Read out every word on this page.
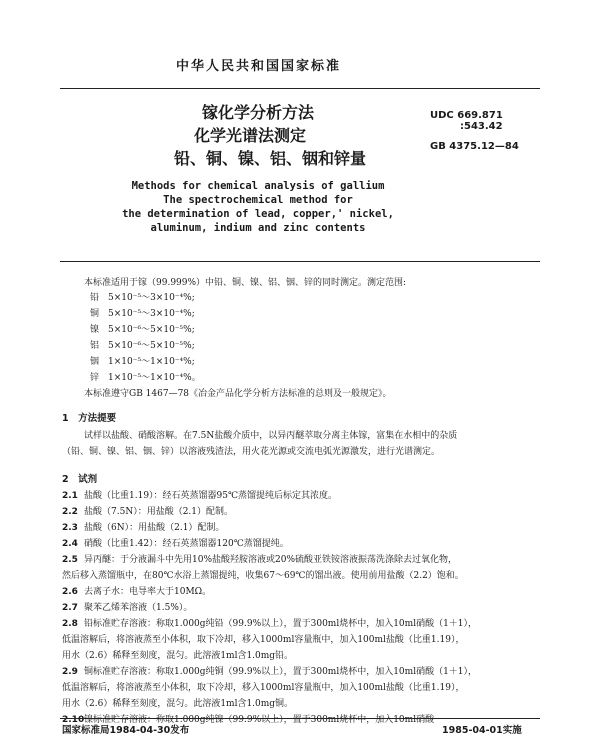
中华人民共和国国家标准
镓化学分析方法
化学光谱法测定
铅、铜、镍、铝、铟和锌量
UDC 669.871
:543.42
GB 4375.12—84
Methods for chemical analysis of gallium
The spectrochemical method for
the determination of lead, copper,' nickel,
aluminum, indium and zinc contents
本标准适用于镓（99.999%）中铅、铜、镍、铝、铟、锌的同时测定。测定范围:
铅　5×10⁻⁵～3×10⁻⁴%;
铜　5×10⁻⁵～3×10⁻⁴%;
镍　5×10⁻⁶～5×10⁻⁵%;
铝　5×10⁻⁶～5×10⁻⁵%;
铟　1×10⁻⁵～1×10⁻⁴%;
锌　1×10⁻⁵～1×10⁻⁴%。
本标准遵守GB 1467—78《冶金产品化学分析方法标准的总则及一般规定》。
1　方法提要
试样以盐酸、硝酸溶解。在7.5N盐酸介质中，以异丙醚萃取分离主体镓，富集在水相中的杂质
（铅、铜、镍、铝、铟、锌）以溶液残渣法，用火花光源或交流电弧光源激发，进行光谱测定。
2　试剂
2.1 盐酸（比重1.19）：经石英蒸馏器95℃蒸馏提纯后标定其浓度。
2.2 盐酸（7.5N）：用盐酸（2.1）配制。
2.3 盐酸（6N）：用盐酸（2.1）配制。
2.4 硝酸（比重1.42）：经石英蒸馏器120℃蒸馏提纯。
2.5 异丙醚：于分液漏斗中先用10%盐酸羟胺溶液或20%硫酸亚铁铵溶液振荡洗涤除去过氧化物，
然后移入蒸馏瓶中，在80℃水浴上蒸馏提纯，收集67～69℃的馏出液。使用前用盐酸（2.2）饱和。
2.6 去离子水：电导率大于10MΩ。
2.7 聚苯乙烯苯溶液（1.5%）。
2.8 铅标准贮存溶液：称取1.000g纯铅（99.9%以上），置于300ml烧杯中，加入10ml硝酸（1＋1），
低温溶解后，将溶液蒸至小体积，取下冷却，移入1000ml容量瓶中，加入100ml盐酸（比重1.19），
用水（2.6）稀释至刻度，混匀。此溶液1ml含1.0mg铅。
2.9 铜标准贮存溶液：称取1.000g纯铜（99.9%以上），置于300ml烧杯中，加入10ml硝酸（1＋1），
低温溶解后，将溶液蒸至小体积，取下冷却，移入1000ml容量瓶中，加入100ml盐酸（比重1.19），
用水（2.6）稀释至刻度，混匀。此溶液1ml含1.0mg铜。
2.10镍标准贮存溶液：称取1.000g纯镍（99.9%以上），置于300ml烧杯中，加入10ml硝酸
国家标准局1984-04-30发布	1985-04-01实施
